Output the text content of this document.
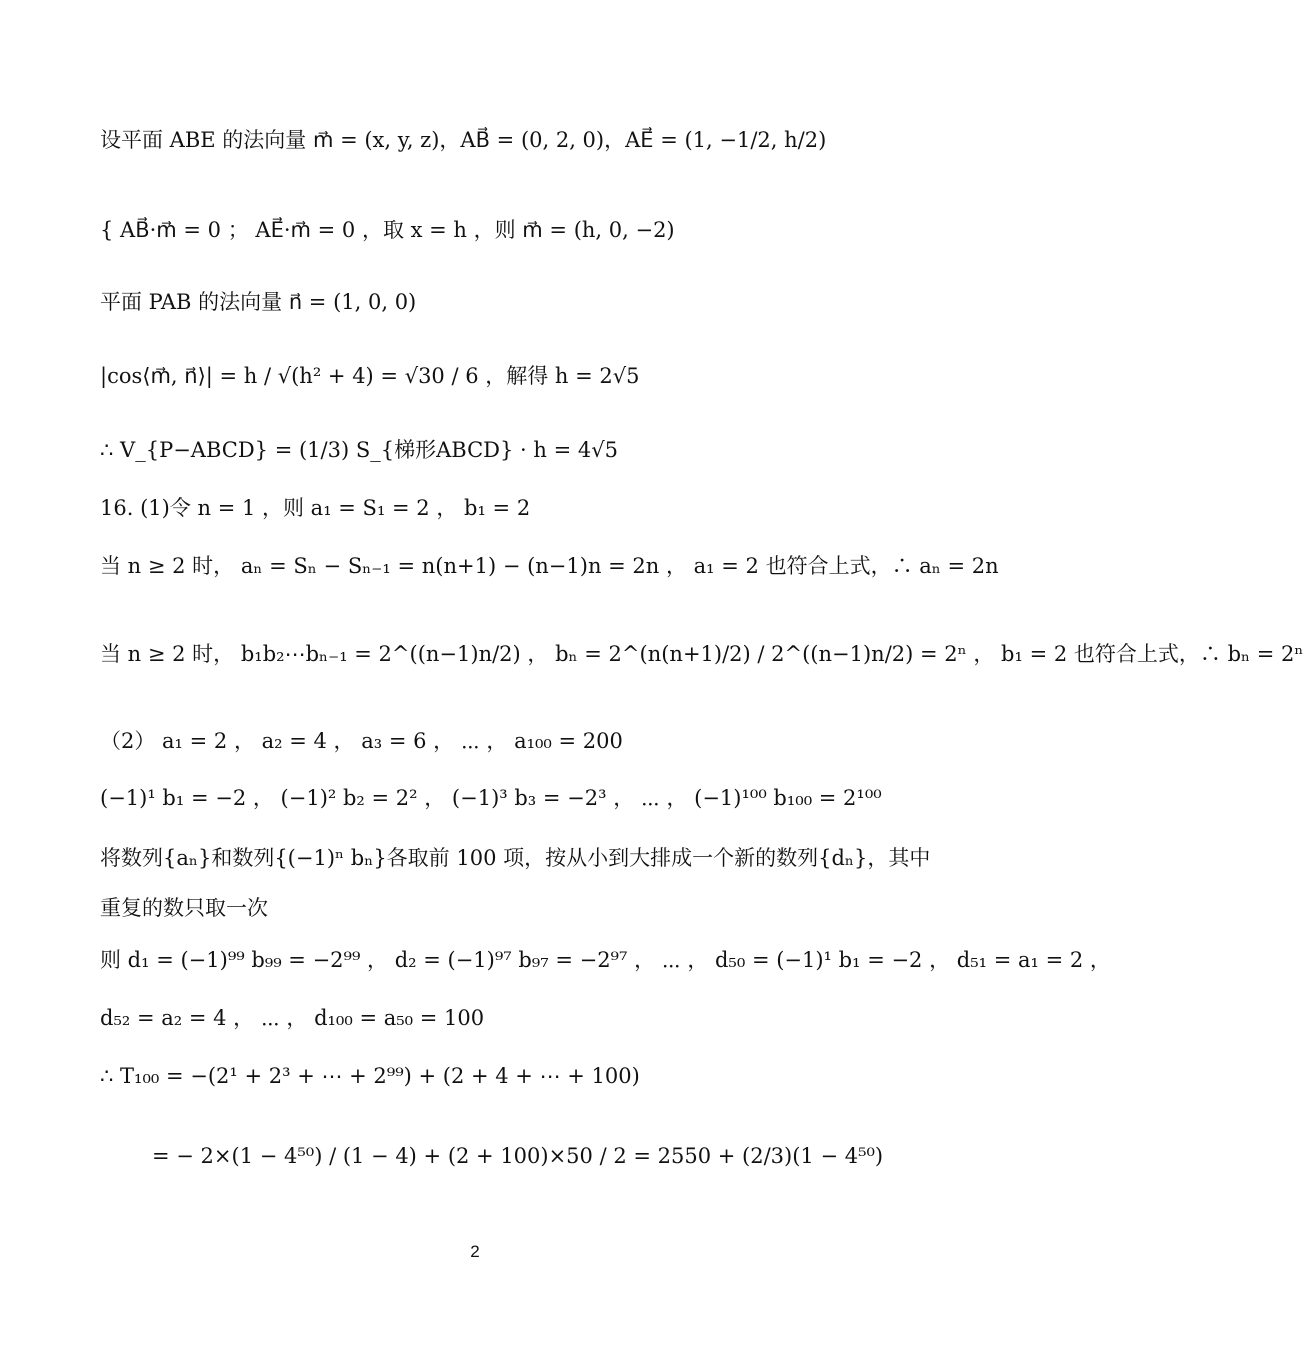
设平面 ABE 的法向量 m⃗ = (x, y, z)，AB⃗ = (0, 2, 0)，AE⃗ = (1, −1/2, h/2)
{ AB⃗·m⃗ = 0 ； AE⃗·m⃗ = 0 ，取 x = h ，则 m⃗ = (h, 0, −2)
平面 PAB 的法向量 n⃗ = (1, 0, 0)
|cos⟨m⃗, n⃗⟩| = h / √(h² + 4) = √30 / 6 ，解得 h = 2√5
∴ V_{P−ABCD} = (1/3) S_{梯形ABCD} · h = 4√5
16. (1)令 n = 1 ，则 a₁ = S₁ = 2 ， b₁ = 2
当 n ≥ 2 时， aₙ = Sₙ − Sₙ₋₁ = n(n+1) − (n−1)n = 2n ， a₁ = 2 也符合上式，∴ aₙ = 2n
当 n ≥ 2 时， b₁b₂⋯bₙ₋₁ = 2^((n−1)n/2) ， bₙ = 2^(n(n+1)/2) / 2^((n−1)n/2) = 2ⁿ ， b₁ = 2 也符合上式，∴ bₙ = 2ⁿ
（2） a₁ = 2 ， a₂ = 4 ， a₃ = 6 ， ⋯ ， a₁₀₀ = 200
(−1)¹ b₁ = −2 ， (−1)² b₂ = 2² ， (−1)³ b₃ = −2³ ， ⋯ ， (−1)¹⁰⁰ b₁₀₀ = 2¹⁰⁰
将数列{aₙ}和数列{(−1)ⁿ bₙ}各取前 100 项，按从小到大排成一个新的数列{dₙ}，其中
重复的数只取一次
则 d₁ = (−1)⁹⁹ b₉₉ = −2⁹⁹ ， d₂ = (−1)⁹⁷ b₉₇ = −2⁹⁷ ， ⋯ ， d₅₀ = (−1)¹ b₁ = −2 ， d₅₁ = a₁ = 2 ，
d₅₂ = a₂ = 4 ， ⋯ ， d₁₀₀ = a₅₀ = 100
∴ T₁₀₀ = −(2¹ + 2³ + ⋯ + 2⁹⁹) + (2 + 4 + ⋯ + 100)
= − 2×(1 − 4⁵⁰) / (1 − 4) + (2 + 100)×50 / 2 = 2550 + (2/3)(1 − 4⁵⁰)
2
